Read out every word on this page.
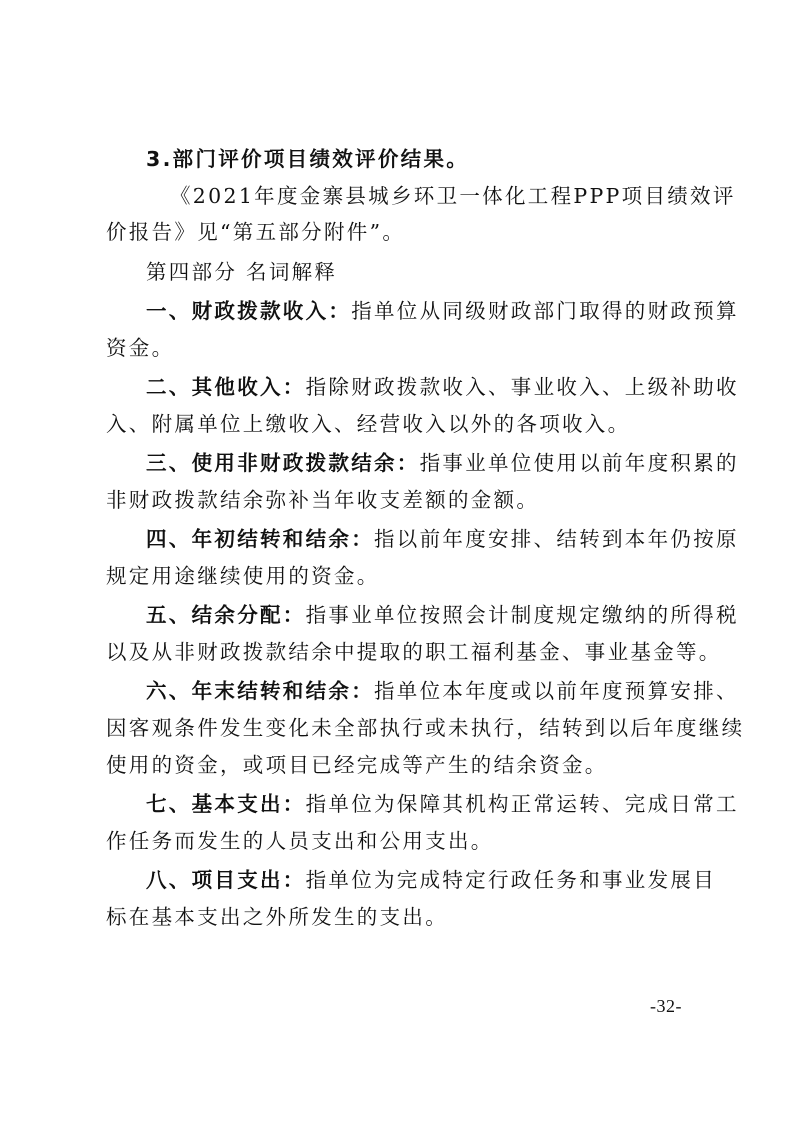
3.部门评价项目绩效评价结果。
《2021年度金寨县城乡环卫一体化工程PPP项目绩效评
价报告》见“第五部分附件”。
第四部分 名词解释
一、财政拨款收入：指单位从同级财政部门取得的财政预算
资金。
二、其他收入：指除财政拨款收入、事业收入、上级补助收
入、附属单位上缴收入、经营收入以外的各项收入。
三、使用非财政拨款结余：指事业单位使用以前年度积累的
非财政拨款结余弥补当年收支差额的金额。
四、年初结转和结余：指以前年度安排、结转到本年仍按原
规定用途继续使用的资金。
五、结余分配：指事业单位按照会计制度规定缴纳的所得税
以及从非财政拨款结余中提取的职工福利基金、事业基金等。
六、年末结转和结余：指单位本年度或以前年度预算安排、
因客观条件发生变化未全部执行或未执行，结转到以后年度继续
使用的资金，或项目已经完成等产生的结余资金。
七、基本支出：指单位为保障其机构正常运转、完成日常工
作任务而发生的人员支出和公用支出。
八、项目支出：指单位为完成特定行政任务和事业发展目
标在基本支出之外所发生的支出。
-32-
